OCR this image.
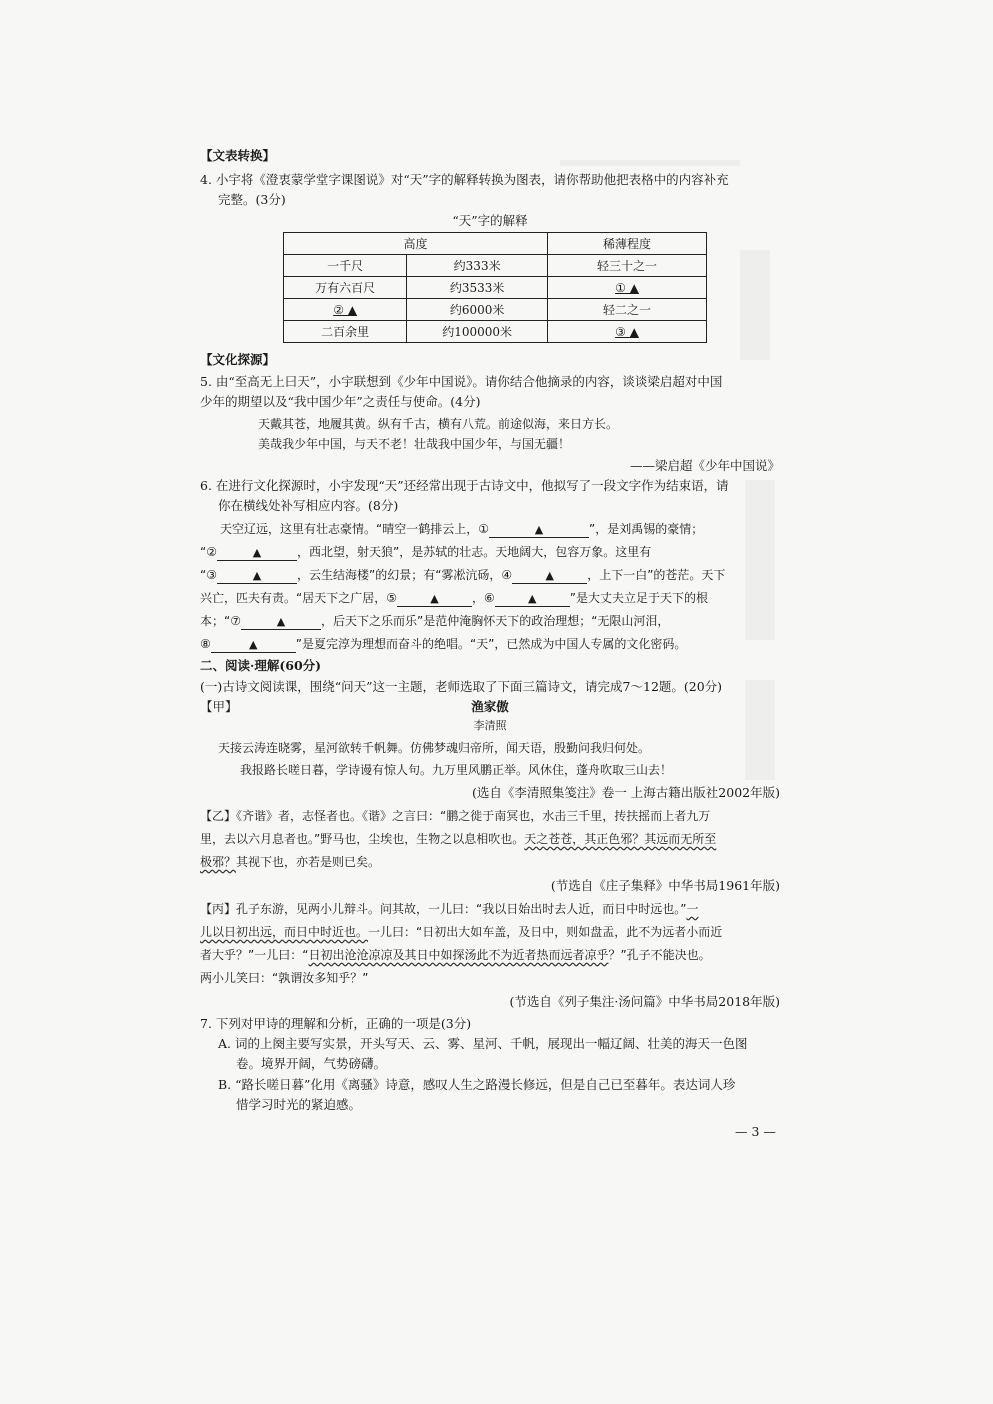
【文表转换】
4. 小宇将《澄衷蒙学堂字课图说》对“天”字的解释转换为图表，请你帮助他把表格中的内容补充
完整。(3分)
“天”字的解释
高度		稀薄程度
一千尺	约333米	轻三十之一
万有六百尺	约3533米	① ▲
② ▲	约6000米	轻二之一
二百余里	约100000米	③ ▲
【文化探源】
5. 由“至高无上曰天”，小宇联想到《少年中国说》。请你结合他摘录的内容，谈谈梁启超对中国
少年的期望以及“我中国少年”之责任与使命。(4分)
天戴其苍，地履其黄。纵有千古，横有八荒。前途似海，来日方长。
美哉我少年中国，与天不老！壮哉我中国少年，与国无疆！
——梁启超《少年中国说》
6. 在进行文化探源时，小宇发现“天”还经常出现于古诗文中，他拟写了一段文字作为结束语，请
你在横线处补写相应内容。(8分)
天空辽远，这里有壮志豪情。“晴空一鹤排云上，①	▲	”，是刘禹锡的豪情；
“②	▲	，西北望，射天狼”，是苏轼的壮志。天地阔大，包容万象。这里有
“③	▲	，云生结海楼”的幻景；有“雾凇沆砀，④	▲	，上下一白”的苍茫。天下
兴亡，匹夫有责。“居天下之广居，⑤	▲	，⑥	▲	”是大丈夫立足于天下的根
本；“⑦	▲	，后天下之乐而乐”是范仲淹胸怀天下的政治理想；“无限山河泪，
⑧	▲	”是夏完淳为理想而奋斗的绝唱。“天”，已然成为中国人专属的文化密码。
二、阅读·理解(60分)
(一)古诗文阅读课，围绕“问天”这一主题，老师选取了下面三篇诗文，请完成7～12题。(20分)
【甲】	渔家傲
李清照
天接云涛连晓雾，星河欲转千帆舞。仿佛梦魂归帝所，闻天语，殷勤问我归何处。
我报路长嗟日暮，学诗谩有惊人句。九万里风鹏正举。风休住，蓬舟吹取三山去！
(选自《李清照集笺注》卷一 上海古籍出版社2002年版)
【乙】《齐谐》者，志怪者也。《谐》之言曰：“鹏之徙于南冥也，水击三千里，抟扶摇而上者九万
里，去以六月息者也。”野马也，尘埃也，生物之以息相吹也。天之苍苍，其正色邪？其远而无所至
极邪？其视下也，亦若是则已矣。
(节选自《庄子集释》中华书局1961年版)
【丙】孔子东游，见两小儿辩斗。问其故，一儿曰：“我以日始出时去人近，而日中时远也。”一
儿以日初出远，而日中时近也。一儿曰：“日初出大如车盖，及日中，则如盘盂，此不为远者小而近
者大乎？”一儿曰：“日初出沧沧凉凉及其日中如探汤此不为近者热而远者凉乎？”孔子不能决也。
两小儿笑曰：“孰谓汝多知乎？”
(节选自《列子集注·汤问篇》中华书局2018年版)
7. 下列对甲诗的理解和分析，正确的一项是(3分)
A. 词的上阕主要写实景，开头写天、云、雾、星河、千帆，展现出一幅辽阔、壮美的海天一色图
卷。境界开阔，气势磅礴。
B. “路长嗟日暮”化用《离骚》诗意，感叹人生之路漫长修远，但是自己已至暮年。表达词人珍
惜学习时光的紧迫感。
— 3 —
